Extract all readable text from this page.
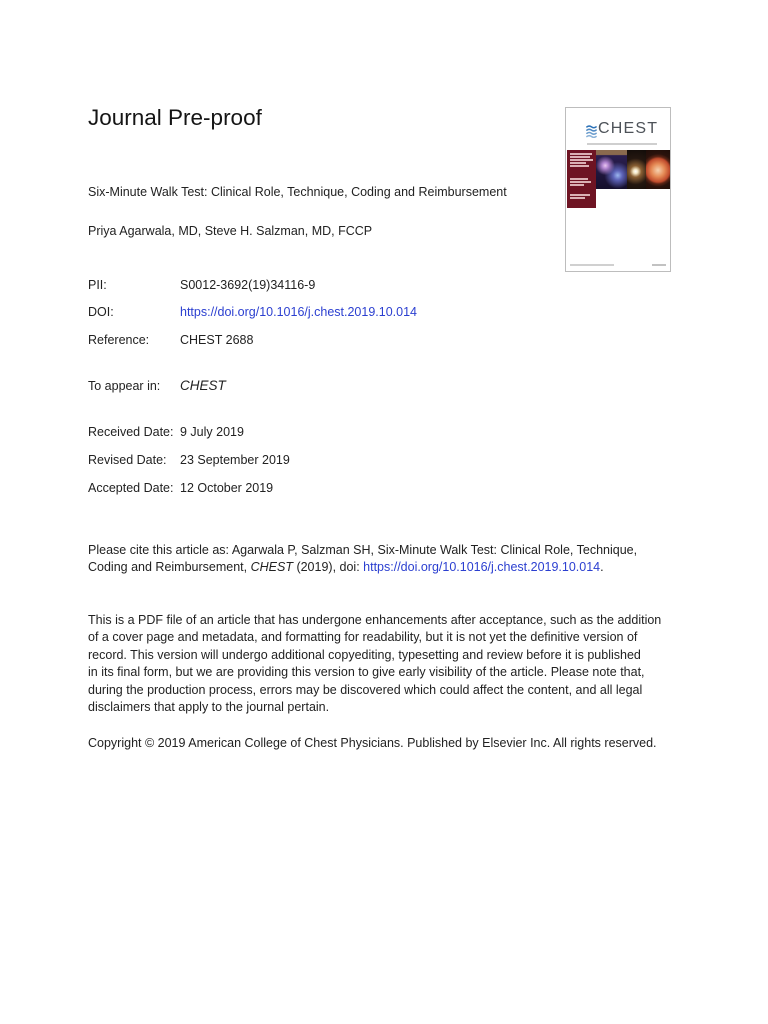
Journal Pre-proof	CHEST
Six-Minute Walk Test: Clinical Role, Technique, Coding and Reimbursement
Priya Agarwala, MD, Steve H. Salzman, MD, FCCP
PII:	S0012-3692(19)34116-9
DOI:	https://doi.org/10.1016/j.chest.2019.10.014
Reference: CHEST 2688
To appear in: CHEST
Received Date: 9 July 2019
Revised Date: 23 September 2019
Accepted Date: 12 October 2019
Please cite this article as: Agarwala P, Salzman SH, Six-Minute Walk Test: Clinical Role, Technique,
Coding and Reimbursement, CHEST (2019), doi: https://doi.org/10.1016/j.chest.2019.10.014.
This is a PDF file of an article that has undergone enhancements after acceptance, such as the addition
of a cover page and metadata, and formatting for readability, but it is not yet the definitive version of
record. This version will undergo additional copyediting, typesetting and review before it is published
in its final form, but we are providing this version to give early visibility of the article. Please note that,
during the production process, errors may be discovered which could affect the content, and all legal
disclaimers that apply to the journal pertain.
Copyright © 2019 American College of Chest Physicians. Published by Elsevier Inc. All rights reserved.
